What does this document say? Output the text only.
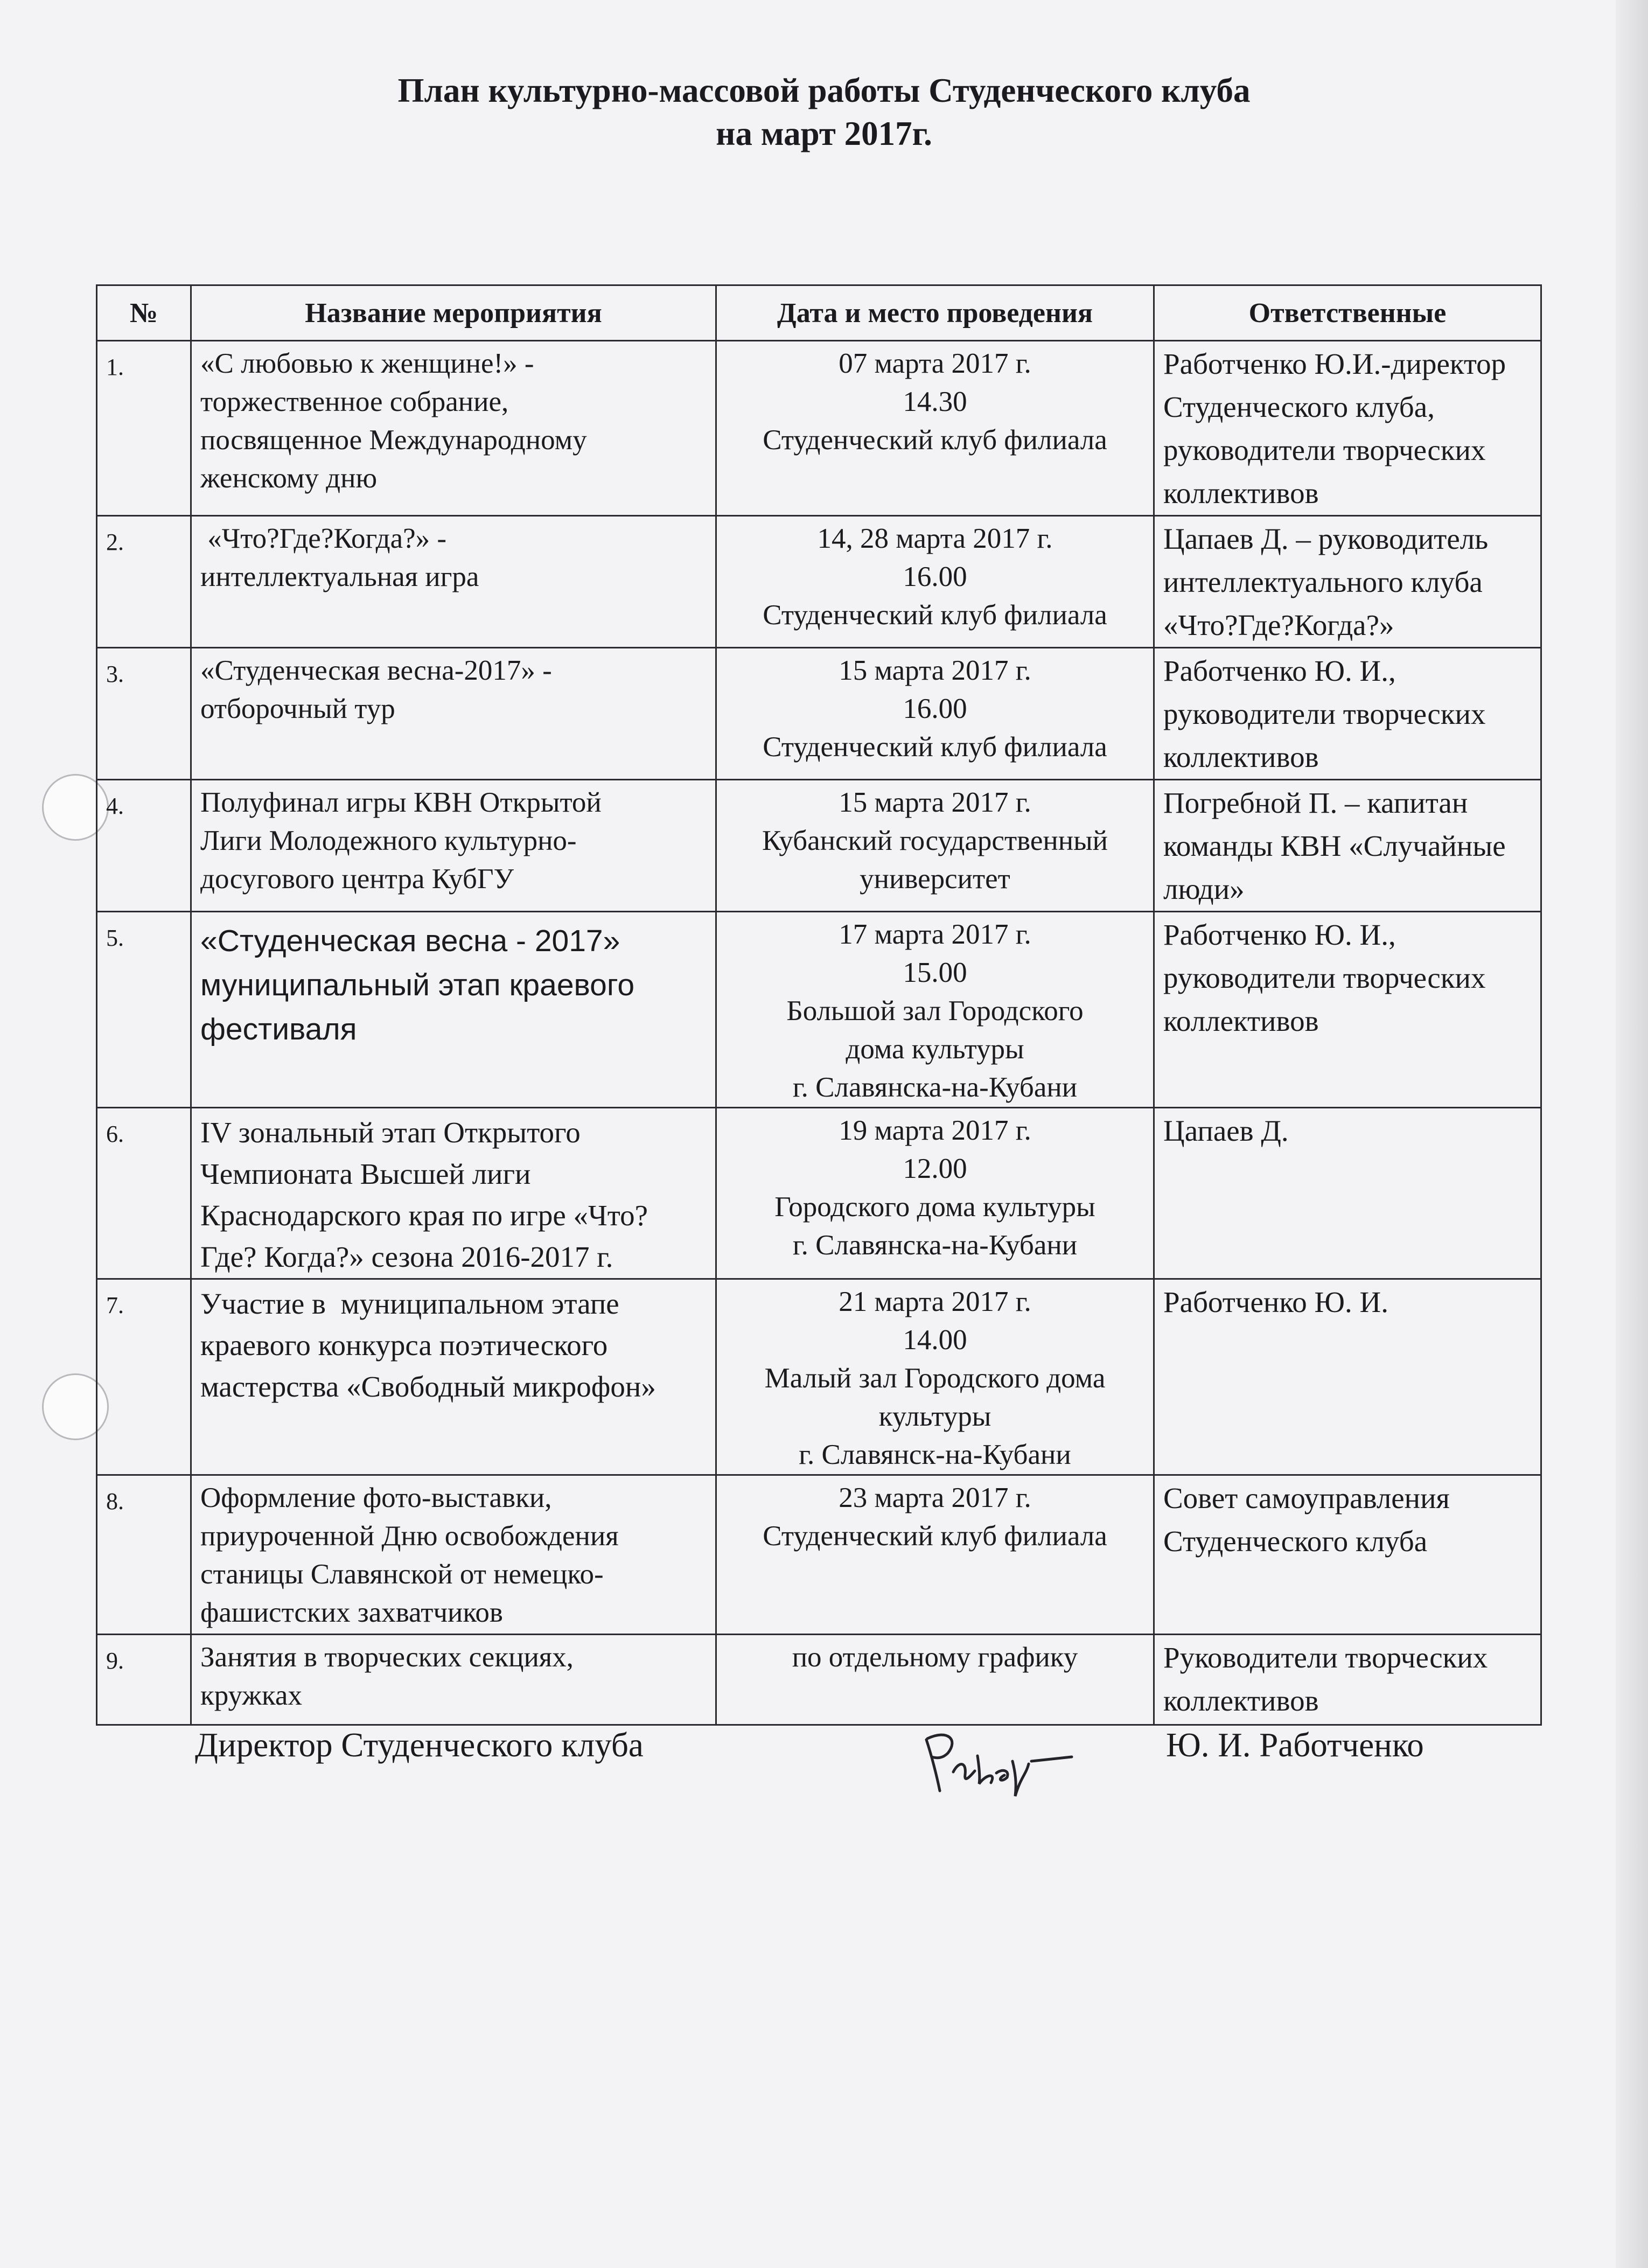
План культурно-массовой работы Студенческого клуба
на март 2017г.
№	Название мероприятия	Дата и место проведения	Ответственные
1.	«С любовью к женщине!» -
торжественное собрание,
посвященное Международному
женскому дню	07 марта 2017 г.
14.30
Студенческий клуб филиала	Работченко Ю.И.-директор
Студенческого клуба,
руководители творческих
коллективов

2.	«Что?Где?Когда?» -
интеллектуальная игра	14, 28 марта 2017 г.
16.00
Студенческий клуб филиала	Цапаев Д. – руководитель
интеллектуального клуба
«Что?Где?Когда?»

3.	«Студенческая весна-2017» -
отборочный тур	15 марта 2017 г.
16.00
Студенческий клуб филиала	Работченко Ю. И.,
руководители творческих
коллективов

4.	Полуфинал игры КВН Открытой
Лиги Молодежного культурно-
досугового центра КубГУ	15 марта 2017 г.
Кубанский государственный
университет	Погребной П. – капитан
команды КВН «Случайные
люди»

5.	«Студенческая весна - 2017»
муниципальный этап краевого
фестиваля	17 марта 2017 г.
15.00
Большой зал Городского
дома культуры
г. Славянска-на-Кубани	Работченко Ю. И.,
руководители творческих
коллективов

6.	IV зональный этап Открытого
Чемпионата Высшей лиги
Краснодарского края по игре «Что?
Где? Когда?» сезона 2016-2017 г.	19 марта 2017 г.
12.00
Городского дома культуры
г. Славянска-на-Кубани	Цапаев Д.

7.	Участие в  муниципальном этапе
краевого конкурса поэтического
мастерства «Свободный микрофон»	21 марта 2017 г.
14.00
Малый зал Городского дома
культуры
г. Славянск-на-Кубани	Работченко Ю. И.

8.	Оформление фото-выставки,
приуроченной Дню освобождения
станицы Славянской от немецко-
фашистских захватчиков	23 марта 2017 г.
Студенческий клуб филиала	Совет самоуправления
Студенческого клуба

9.	Занятия в творческих секциях,
кружках	по отдельному графику	Руководители творческих
коллективов
Директор Студенческого клуба	Ю. И. Работченко
